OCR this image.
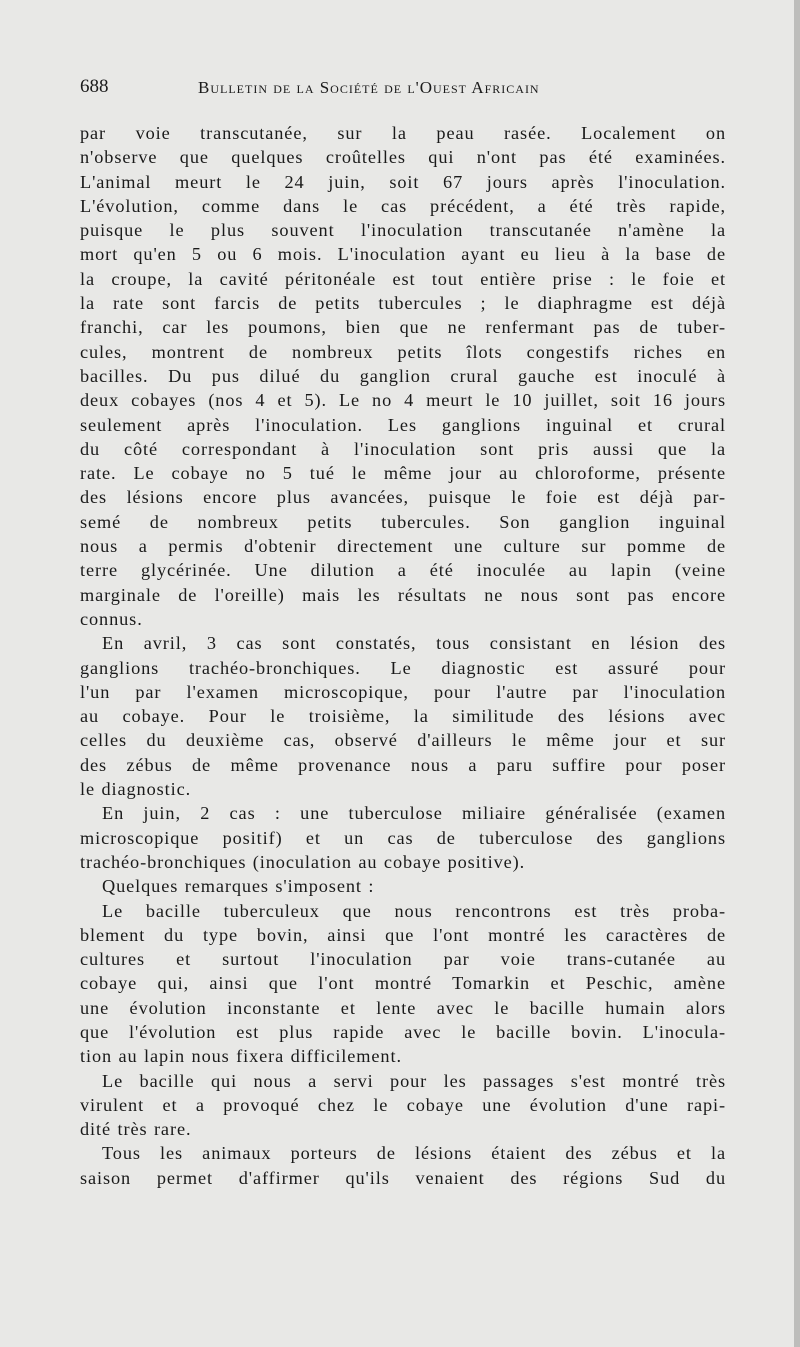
688	Bulletin de la Société de l'Ouest Africain
par voie transcutanée, sur la peau rasée. Localement on
n'observe que quelques croûtelles qui n'ont pas été examinées.
L'animal meurt le 24 juin, soit 67 jours après l'inoculation.
L'évolution, comme dans le cas précédent, a été très rapide,
puisque le plus souvent l'inoculation transcutanée n'amène la
mort qu'en 5 ou 6 mois. L'inoculation ayant eu lieu à la base de
la croupe, la cavité péritonéale est tout entière prise : le foie et
la rate sont farcis de petits tubercules ; le diaphragme est déjà
franchi, car les poumons, bien que ne renfermant pas de tuber-
cules, montrent de nombreux petits îlots congestifs riches en
bacilles. Du pus dilué du ganglion crural gauche est inoculé à
deux cobayes (nos 4 et 5). Le no 4 meurt le 10 juillet, soit 16 jours
seulement après l'inoculation. Les ganglions inguinal et crural
du côté correspondant à l'inoculation sont pris aussi que la
rate. Le cobaye no 5 tué le même jour au chloroforme, présente
des lésions encore plus avancées, puisque le foie est déjà par-
semé de nombreux petits tubercules. Son ganglion inguinal
nous a permis d'obtenir directement une culture sur pomme de
terre glycérinée. Une dilution a été inoculée au lapin (veine
marginale de l'oreille) mais les résultats ne nous sont pas encore
connus.
En avril, 3 cas sont constatés, tous consistant en lésion des
ganglions trachéo-bronchiques. Le diagnostic est assuré pour
l'un par l'examen microscopique, pour l'autre par l'inoculation
au cobaye. Pour le troisième, la similitude des lésions avec
celles du deuxième cas, observé d'ailleurs le même jour et sur
des zébus de même provenance nous a paru suffire pour poser
le diagnostic.
En juin, 2 cas : une tuberculose miliaire généralisée (examen
microscopique positif) et un cas de tuberculose des ganglions
trachéo-bronchiques (inoculation au cobaye positive).
Quelques remarques s'imposent :
Le bacille tuberculeux que nous rencontrons est très proba-
blement du type bovin, ainsi que l'ont montré les caractères de
cultures et surtout l'inoculation par voie trans-cutanée au
cobaye qui, ainsi que l'ont montré Tomarkin et Peschic, amène
une évolution inconstante et lente avec le bacille humain alors
que l'évolution est plus rapide avec le bacille bovin. L'inocula-
tion au lapin nous fixera difficilement.
Le bacille qui nous a servi pour les passages s'est montré très
virulent et a provoqué chez le cobaye une évolution d'une rapi-
dité très rare.
Tous les animaux porteurs de lésions étaient des zébus et la
saison permet d'affirmer qu'ils venaient des régions Sud du
